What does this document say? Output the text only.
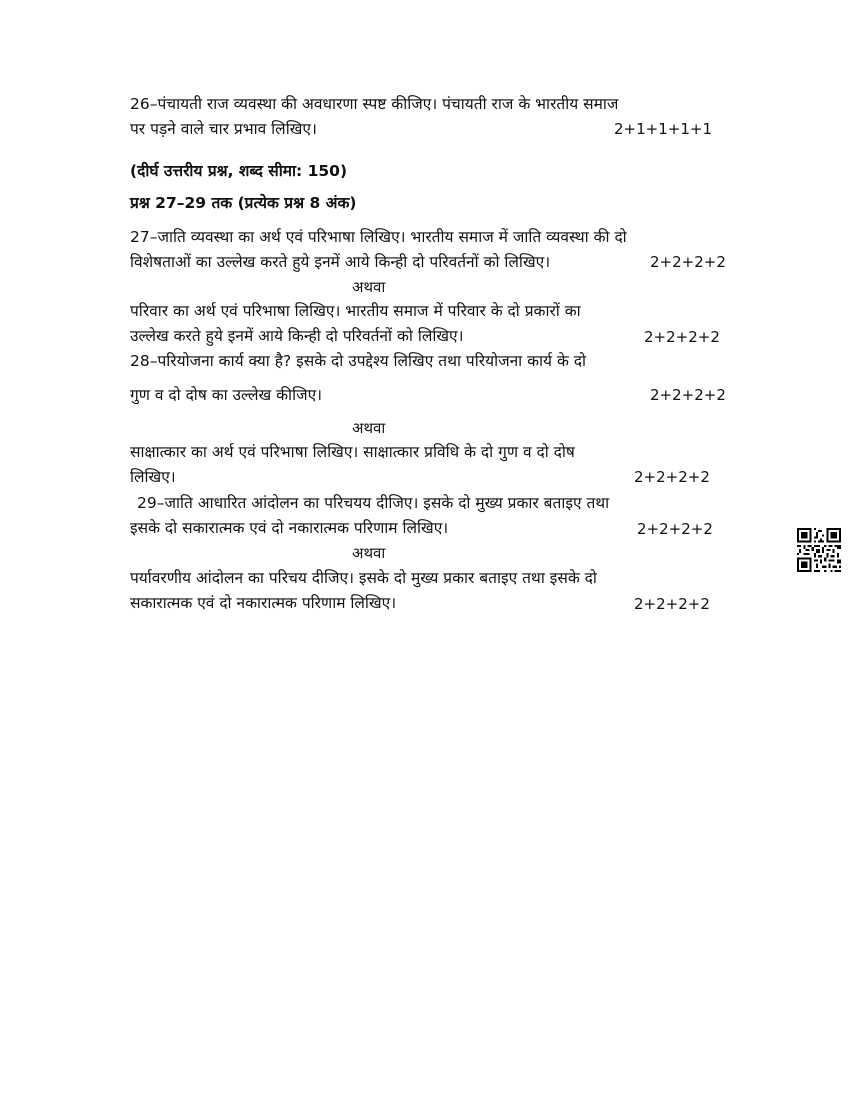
26–पंचायती राज व्यवस्था की अवधारणा स्पष्ट कीजिए। पंचायती राज के भारतीय समाज
पर पड़ने वाले चार प्रभाव लिखिए।	2+1+1+1+1
(दीर्घ उत्तरीय प्रश्न, शब्द सीमा: 150)
प्रश्न 27–29 तक (प्रत्येक प्रश्न 8 अंक)
27–जाति व्यवस्था का अर्थ एवं परिभाषा लिखिए। भारतीय समाज में जाति व्यवस्था की दो
विशेषताओं का उल्लेख करते हुये इनमें आये किन्ही दो परिवर्तनों को लिखिए।	2+2+2+2
अथवा
परिवार का अर्थ एवं परिभाषा लिखिए। भारतीय समाज में परिवार के दो प्रकारों का
उल्लेख करते हुये इनमें आये किन्ही दो परिवर्तनों को लिखिए।	2+2+2+2
28–परियोजना कार्य क्या है? इसके दो उपद्देश्य लिखिए तथा परियोजना कार्य के दो
गुण व दो दोष का उल्लेख कीजिए।	2+2+2+2
अथवा
साक्षात्कार का अर्थ एवं परिभाषा लिखिए। साक्षात्कार प्रविधि के दो गुण व दो दोष
लिखिए।	2+2+2+2
29–जाति आधारित आंदोलन का परिचयय दीजिए। इसके दो मुख्य प्रकार बताइए तथा
इसके दो सकारात्मक एवं दो नकारात्मक परिणाम लिखिए।	2+2+2+2
अथवा
पर्यावरणीय आंदोलन का परिचय दीजिए। इसके दो मुख्य प्रकार बताइए तथा इसके दो
सकारात्मक एवं दो नकारात्मक परिणाम लिखिए।	2+2+2+2
